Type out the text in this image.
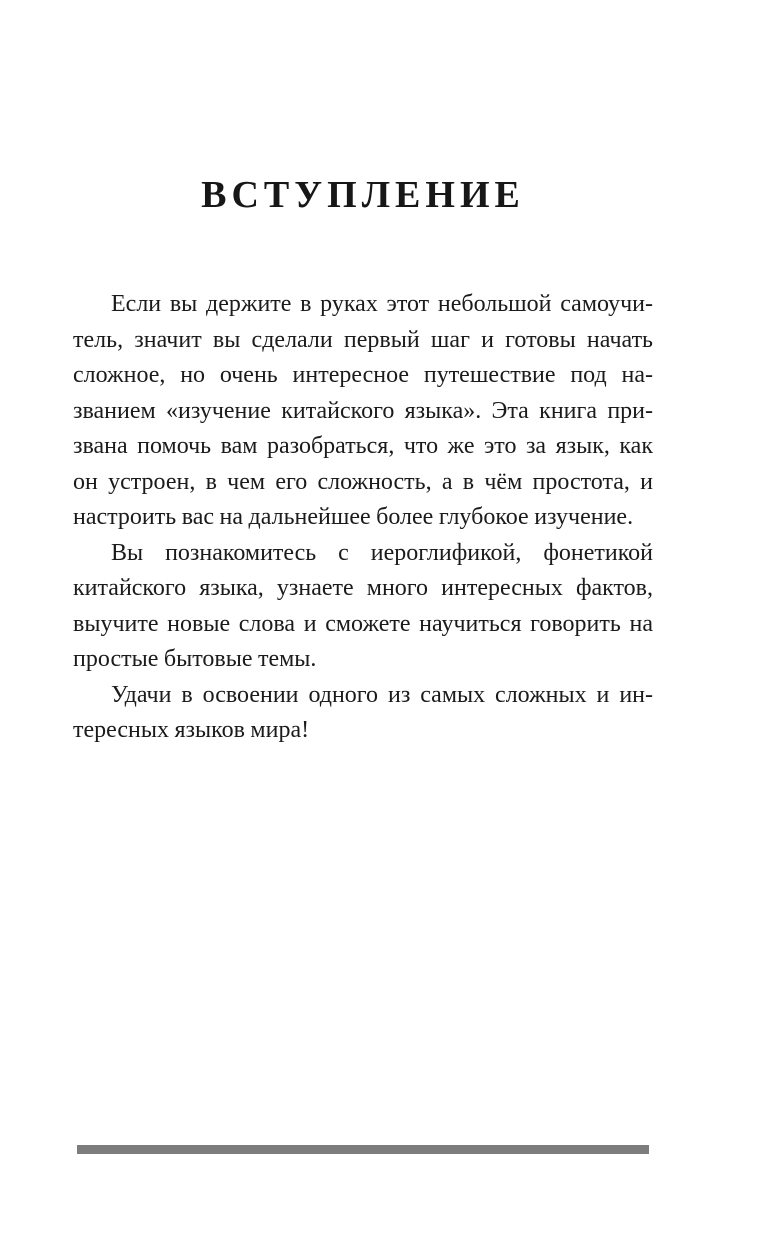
ВСТУПЛЕНИЕ
Если вы держите в руках этот небольшой самоучи-
тель, значит вы сделали первый шаг и готовы начать
сложное, но очень интересное путешествие под на-
званием «изучение китайского языка». Эта книга при-
звана помочь вам разобраться, что же это за язык, как
он устроен, в чем его сложность, а в чём простота, и
настроить вас на дальнейшее более глубокое изучение.
Вы познакомитесь с иероглификой, фонетикой
китайского языка, узнаете много интересных фактов,
выучите новые слова и сможете научиться говорить на
простые бытовые темы.
Удачи в освоении одного из самых сложных и ин-
тересных языков мира!
